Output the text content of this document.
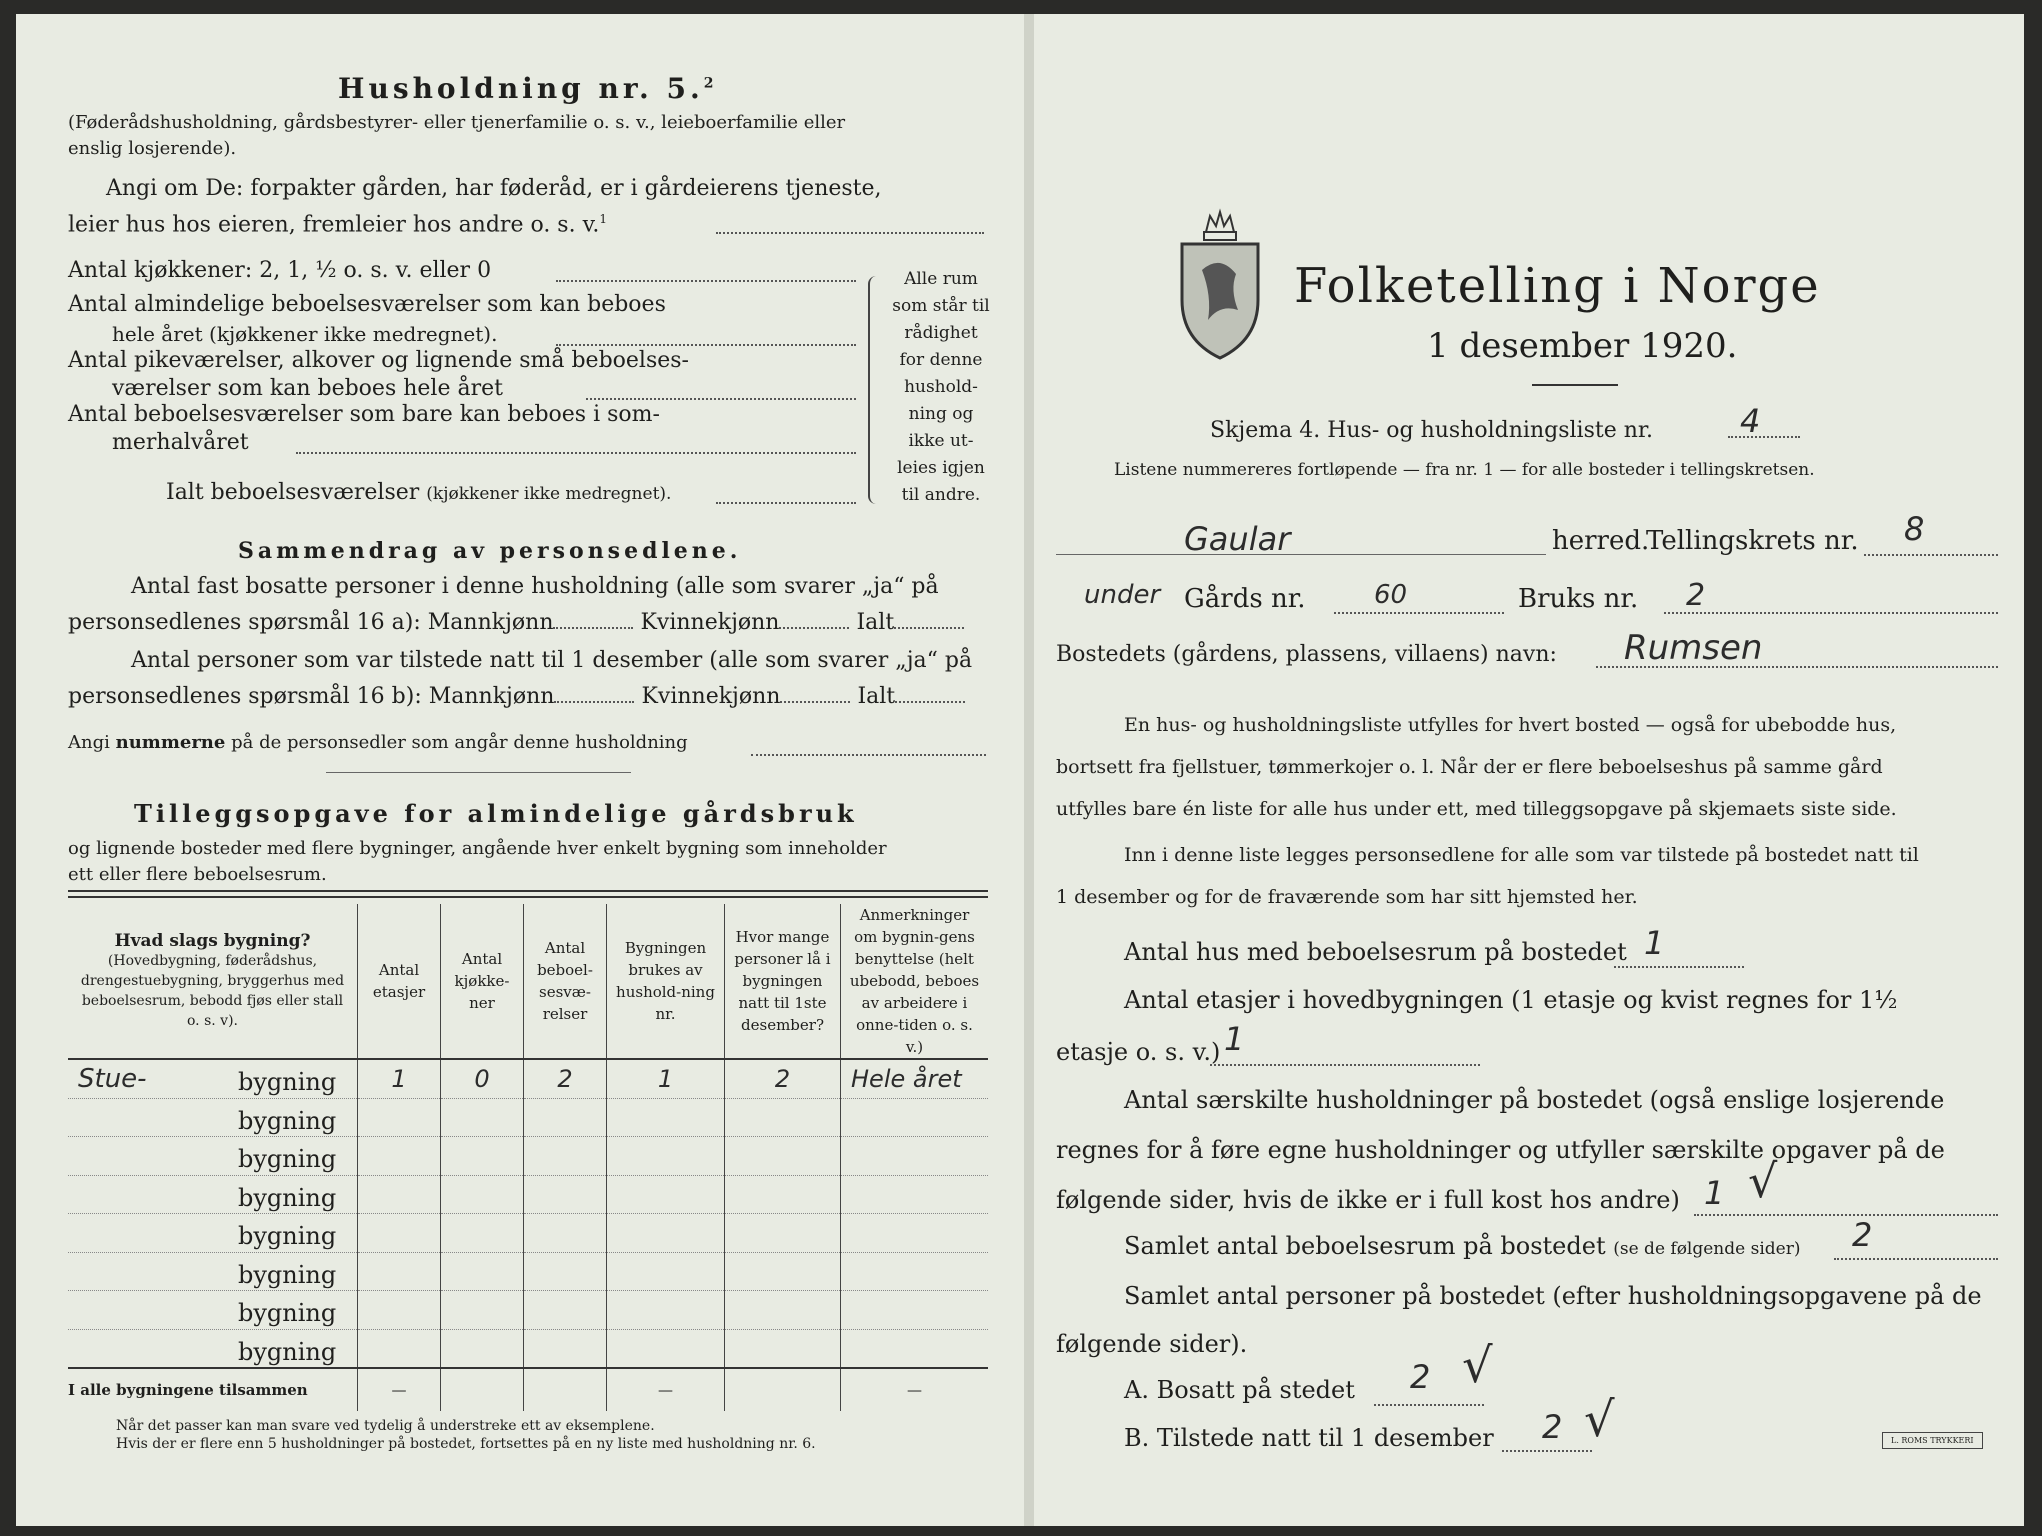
Husholdning nr. 5.$^2$
(Føderådshusholdning, gårdsbestyrer- eller tjenerfamilie o. s. v., leieboerfamilie eller
enslig losjerende).
Angi om De: forpakter gården, har føderåd, er i gårdeierens tjeneste,
leier hus hos eieren, fremleier hos andre o. s. v.$^1$
Antal kjøkkener: 2, 1, ½ o. s. v. eller 0
Antal almindelige beboelsesværelser som kan beboes
hele året (kjøkkener ikke medregnet).
Antal pikeværelser, alkover og lignende små beboelses-
værelser som kan beboes hele året
Antal beboelsesværelser som bare kan beboes i som-
merhalvåret
Ialt beboelsesværelser (kjøkkener ikke medregnet).
Alle rum
som står til
rådighet
for denne
hushold-
ning og
ikke ut-
leies igjen
til andre.
Sammendrag av personsedlene.
Antal fast bosatte personer i denne husholdning (alle som svarer „ja“ på
personsedlenes spørsmål 16 a): Mannkjønn	Kvinnekjønn	Ialt
Antal personer som var tilstede natt til 1 desember (alle som svarer „ja“ på
personsedlenes spørsmål 16 b): Mannkjønn	Kvinnekjønn	Ialt
Angi nummerne på de personsedler som angår denne husholdning
Tilleggsopgave for almindelige gårdsbruk
og lignende bosteder med flere bygninger, angående hver enkelt bygning som inneholder
ett eller flere beboelsesrum.
Hvad slags bygning?
(Hovedbygning, føderådshus, drengestuebygning, bryggerhus med beboelsesrum, bebodd fjøs eller stall o. s. v).	Antal etasjer	Antal kjøkke-ner	Antal beboel-sesvæ-relser	Bygningen brukes av hushold-ning nr.	Hvor mange personer lå i bygningen natt til 1ste desember?	Anmerkninger om bygnin-gens benyttelse (helt ubebodd, beboes av arbeidere i onne-tiden o. s. v.)

Stue- bygning	1	0	2	1	2	Hele året

bygning						

bygning						

bygning						

bygning						

bygning						

bygning						

bygning						

I alle bygningene tilsammen	—			—		—
Når det passer kan man svare ved tydelig å understreke ett av eksemplene.
Hvis der er flere enn 5 husholdninger på bostedet, fortsettes på en ny liste med husholdning nr. 6.
Folketelling i Norge
1 desember 1920.
Skjema 4. Hus- og husholdningsliste nr.	4
Listene nummereres fortløpende — fra nr. 1 — for alle bosteder i tellingskretsen.
Gaular	herred.
Tellingskrets nr. 8
under Gårds nr.	60	Bruks nr. 2
Bostedets (gårdens, plassens, villaens) navn: Rumsen
En hus- og husholdningsliste utfylles for hvert bosted — også for ubebodde hus,
bortsett fra fjellstuer, tømmerkojer o. l. Når der er flere beboelseshus på samme gård
utfylles bare én liste for alle hus under ett, med tilleggsopgave på skjemaets siste side.
Inn i denne liste legges personsedlene for alle som var tilstede på bostedet natt til
1 desember og for de fraværende som har sitt hjemsted her.
Antal hus med beboelsesrum på bostedet 1
Antal etasjer i hovedbygningen (1 etasje og kvist regnes for 1½
etasje o. s. v.) 1
Antal særskilte husholdninger på bostedet (også enslige losjerende
regnes for å føre egne husholdninger og utfyller særskilte opgaver på de
følgende sider, hvis de ikke er i full kost hos andre) 1 √
Samlet antal beboelsesrum på bostedet (se de følgende sider) 2
Samlet antal personer på bostedet (efter husholdningsopgavene på de
følgende sider).
A. Bosatt på stedet 2 √
B. Tilstede natt til 1 desember 2 √	L. ROMS TRYKKERI
